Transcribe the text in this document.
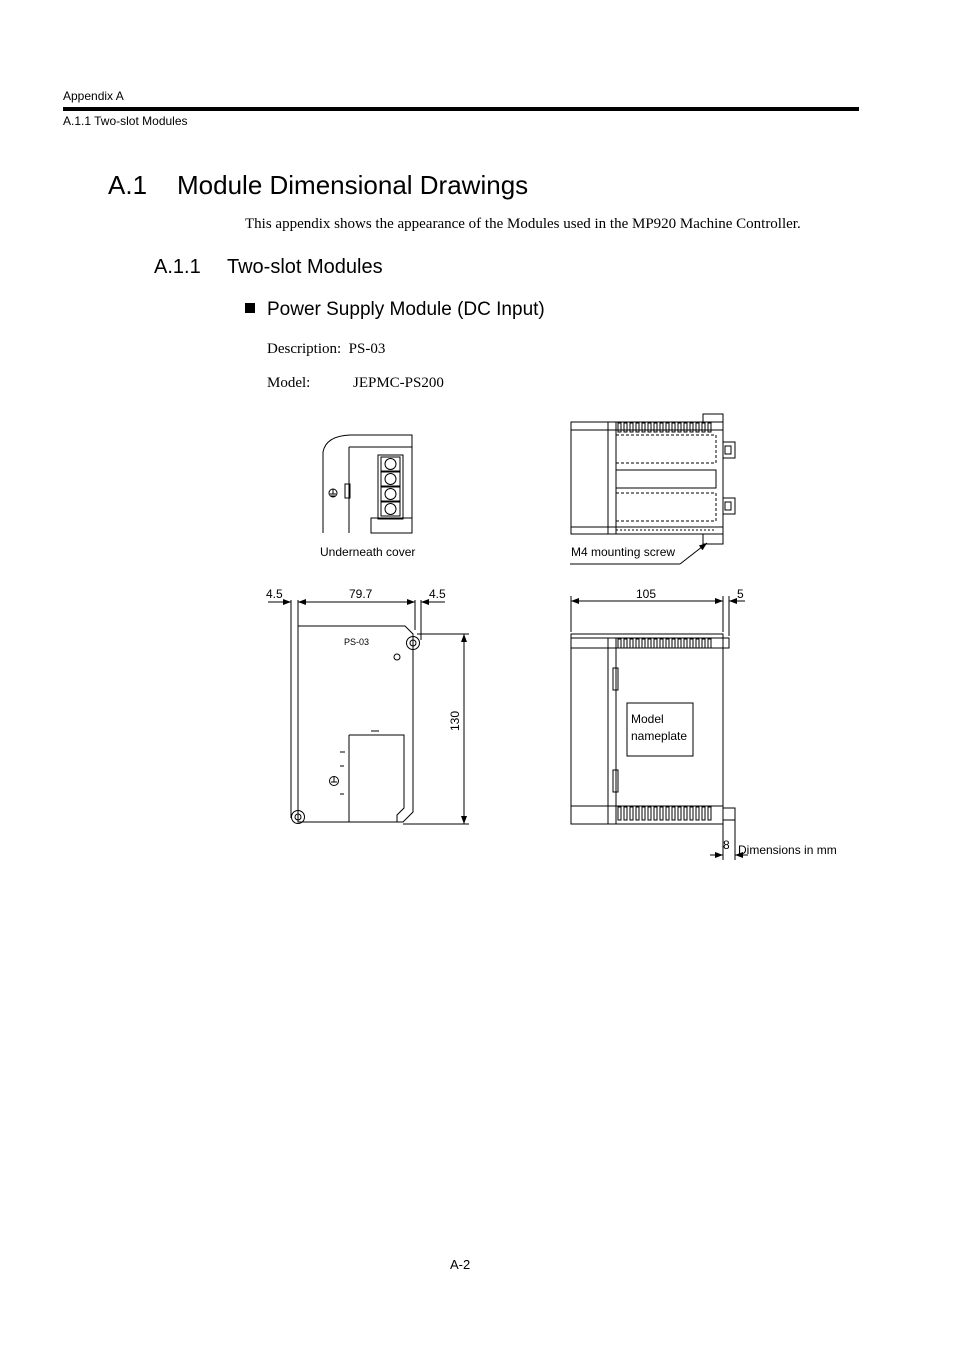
Appendix A
A.1.1 Two-slot Modules
A.1 Module Dimensional Drawings
This appendix shows the appearance of the Modules used in the MP920 Machine Controller.
A.1.1 Two-slot Modules
Power Supply Module (DC Input)
Description: PS-03
Model:	JEPMC-PS200
Underneath cover	M4 mounting screw
PS-03
4.5	79.7	4.5
130	Model
nameplate
105	5
8 Dimensions in mm
A-2
